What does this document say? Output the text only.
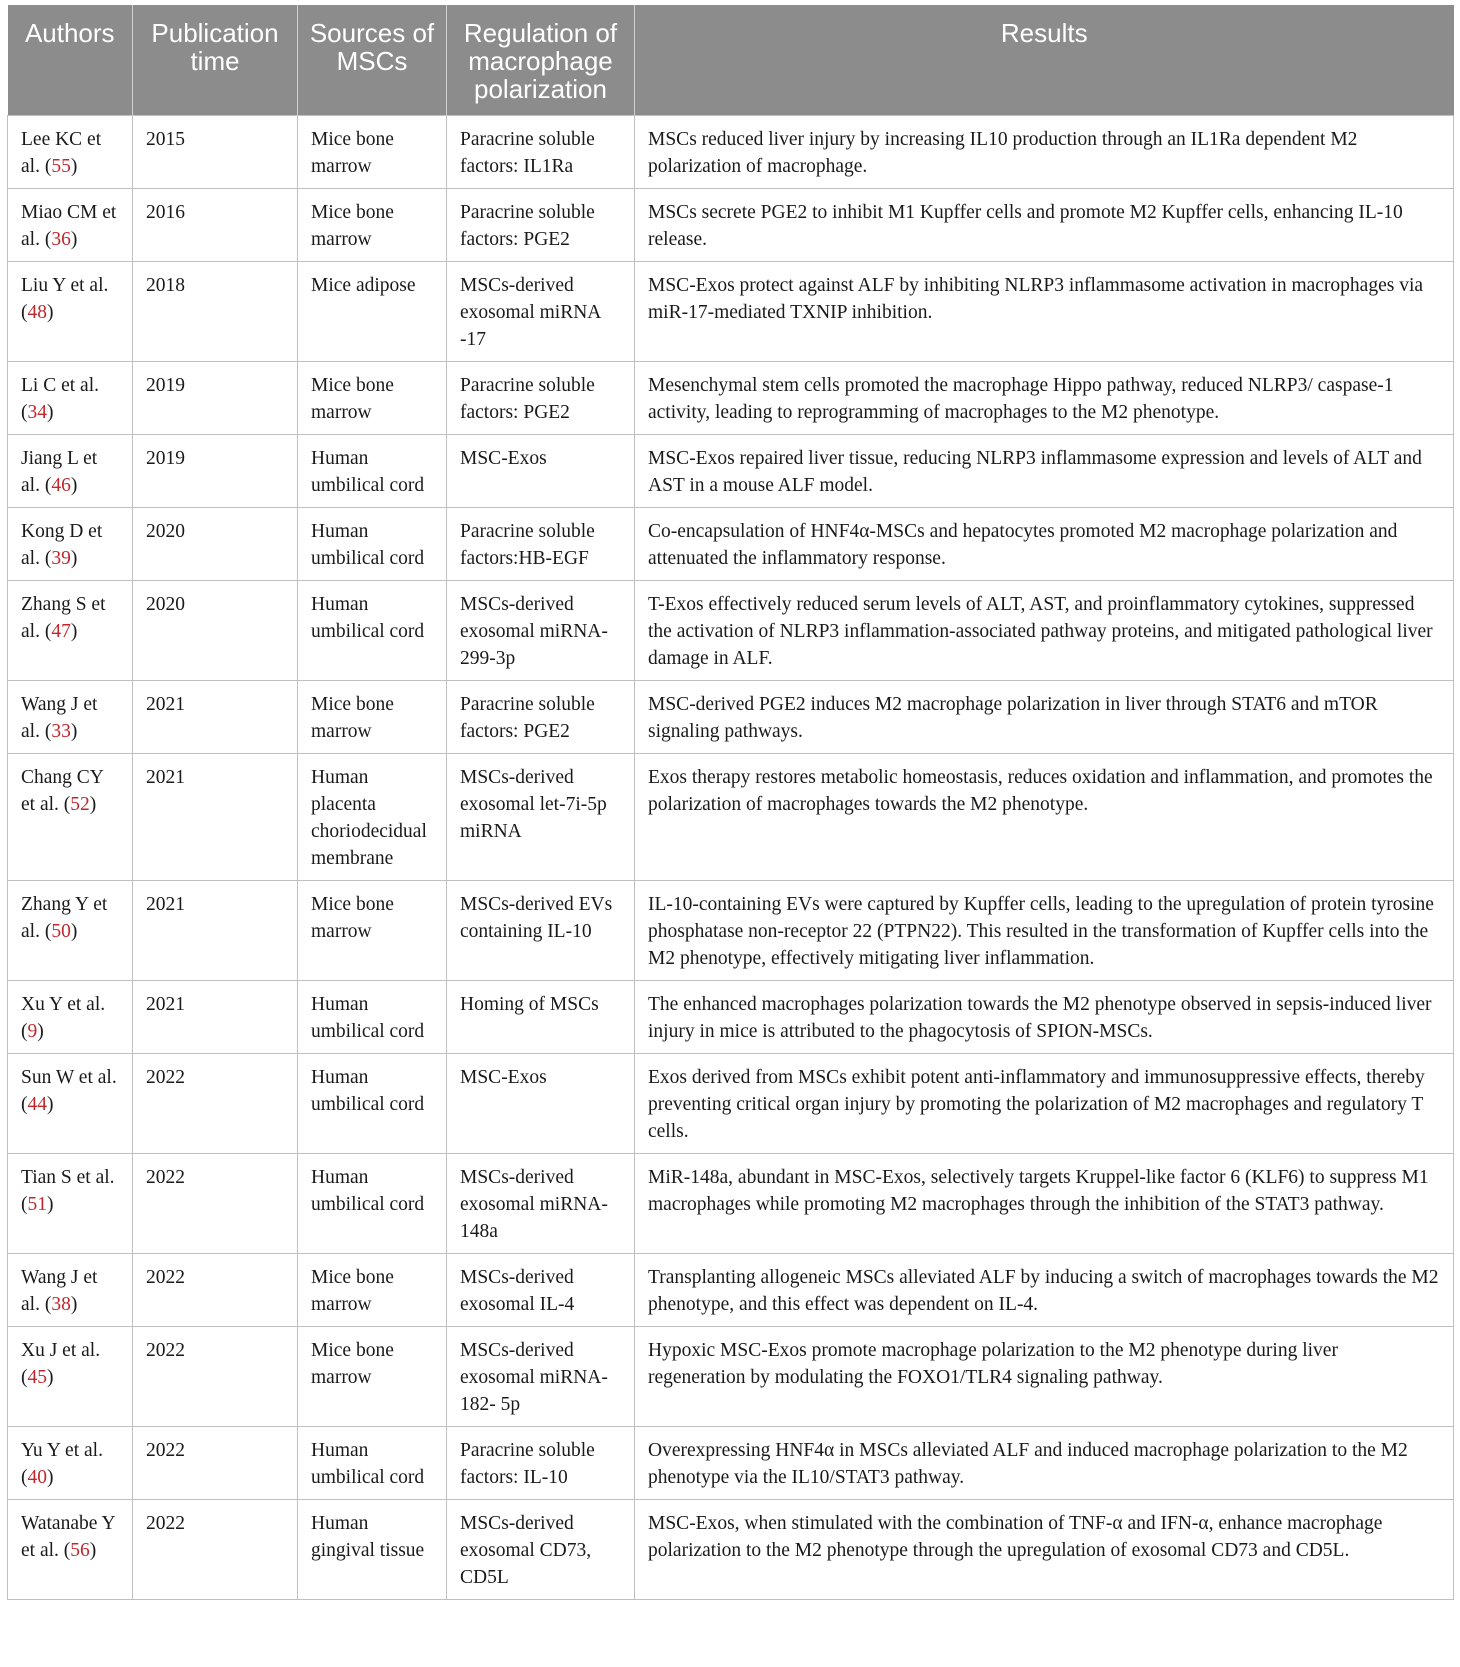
Authors	Publication time	Sources of MSCs	Regulation of macrophage polarization	Results
Lee KC et al. (55)	2015	Mice bone marrow	Paracrine soluble factors: IL1Ra	MSCs reduced liver injury by increasing IL10 production through an IL1Ra dependent M2 polarization of macrophage.
Miao CM et al. (36)	2016	Mice bone marrow	Paracrine soluble factors: PGE2	MSCs secrete PGE2 to inhibit M1 Kupffer cells and promote M2 Kupffer cells, enhancing IL-10 release.
Liu Y et al. (48)	2018	Mice adipose	MSCs-derived exosomal miRNA -17	MSC-Exos protect against ALF by inhibiting NLRP3 inflammasome activation in macrophages via miR-17-mediated TXNIP inhibition.
Li C et al. (34)	2019	Mice bone marrow	Paracrine soluble factors: PGE2	Mesenchymal stem cells promoted the macrophage Hippo pathway, reduced NLRP3/ caspase-1 activity, leading to reprogramming of macrophages to the M2 phenotype.
Jiang L et al. (46)	2019	Human umbilical cord	MSC-Exos	MSC-Exos repaired liver tissue, reducing NLRP3 inflammasome expression and levels of ALT and AST in a mouse ALF model.
Kong D et al. (39)	2020	Human umbilical cord	Paracrine soluble factors:HB-EGF	Co-encapsulation of HNF4α-MSCs and hepatocytes promoted M2 macrophage polarization and attenuated the inflammatory response.
Zhang S et al. (47)	2020	Human umbilical cord	MSCs-derived exosomal miRNA-299-3p	T-Exos effectively reduced serum levels of ALT, AST, and proinflammatory cytokines, suppressed the activation of NLRP3 inflammation-associated pathway proteins, and mitigated pathological liver damage in ALF.
Wang J et al. (33)	2021	Mice bone marrow	Paracrine soluble factors: PGE2	MSC-derived PGE2 induces M2 macrophage polarization in liver through STAT6 and mTOR signaling pathways.
Chang CY et al. (52)	2021	Human placenta choriodecidual membrane	MSCs-derived exosomal let-7i-5p miRNA	Exos therapy restores metabolic homeostasis, reduces oxidation and inflammation, and promotes the polarization of macrophages towards the M2 phenotype.
Zhang Y et al. (50)	2021	Mice bone marrow	MSCs-derived EVs containing IL-10	IL-10-containing EVs were captured by Kupffer cells, leading to the upregulation of protein tyrosine phosphatase non-receptor 22 (PTPN22). This resulted in the transformation of Kupffer cells into the M2 phenotype, effectively mitigating liver inflammation.
Xu Y et al. (9)	2021	Human umbilical cord	Homing of MSCs	The enhanced macrophages polarization towards the M2 phenotype observed in sepsis-induced liver injury in mice is attributed to the phagocytosis of SPION-MSCs.
Sun W et al. (44)	2022	Human umbilical cord	MSC-Exos	Exos derived from MSCs exhibit potent anti-inflammatory and immunosuppressive effects, thereby preventing critical organ injury by promoting the polarization of M2 macrophages and regulatory T cells.
Tian S et al. (51)	2022	Human umbilical cord	MSCs-derived exosomal miRNA-148a	MiR-148a, abundant in MSC-Exos, selectively targets Kruppel-like factor 6 (KLF6) to suppress M1 macrophages while promoting M2 macrophages through the inhibition of the STAT3 pathway.
Wang J et al. (38)	2022	Mice bone marrow	MSCs-derived exosomal IL-4	Transplanting allogeneic MSCs alleviated ALF by inducing a switch of macrophages towards the M2 phenotype, and this effect was dependent on IL-4.
Xu J et al. (45)	2022	Mice bone marrow	MSCs-derived exosomal miRNA-182- 5p	Hypoxic MSC-Exos promote macrophage polarization to the M2 phenotype during liver regeneration by modulating the FOXO1/TLR4 signaling pathway.
Yu Y et al. (40)	2022	Human umbilical cord	Paracrine soluble factors: IL-10	Overexpressing HNF4α in MSCs alleviated ALF and induced macrophage polarization to the M2 phenotype via the IL10/STAT3 pathway.
Watanabe Y et al. (56)	2022	Human gingival tissue	MSCs-derived exosomal CD73, CD5L	MSC-Exos, when stimulated with the combination of TNF-α and IFN-α, enhance macrophage polarization to the M2 phenotype through the upregulation of exosomal CD73 and CD5L.
